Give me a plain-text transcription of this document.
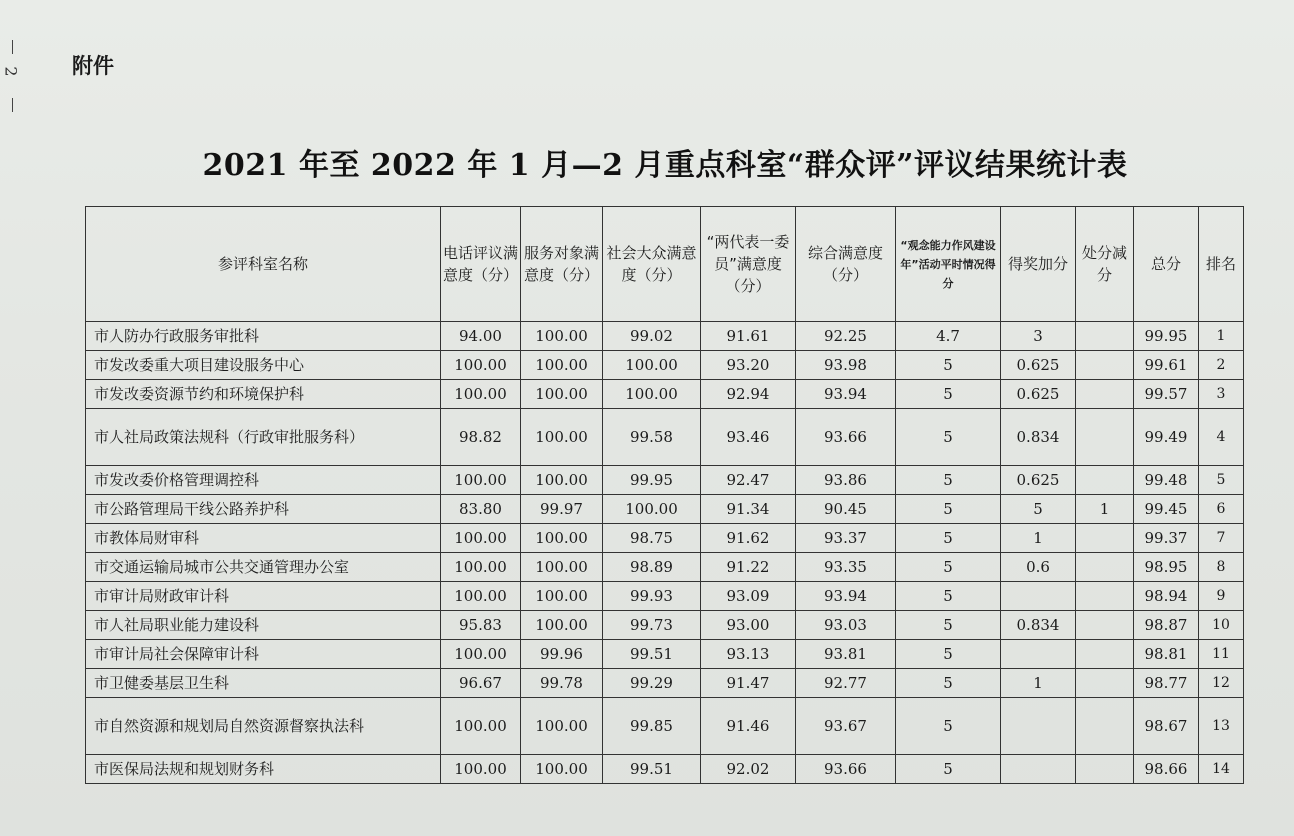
2 附件
2021 年至 2022 年 1 月—2 月重点科室“群众评”评议结果统计表
参评科室名称	电话评议满意度（分）	服务对象满意度（分）	社会大众满意度（分）	“两代表一委员”满意度（分）	综合满意度（分）	“观念能力作风建设年”活动平时情况得分	得奖加分	处分减分	总分	排名
市人防办行政服务审批科	94.00	100.00	99.02	91.61	92.25	4.7	3		99.95	1
市发改委重大项目建设服务中心	100.00	100.00	100.00	93.20	93.98	5	0.625		99.61	2
市发改委资源节约和环境保护科	100.00	100.00	100.00	92.94	93.94	5	0.625		99.57	3
市人社局政策法规科（行政审批服务科）	98.82	100.00	99.58	93.46	93.66	5	0.834		99.49	4
市发改委价格管理调控科	100.00	100.00	99.95	92.47	93.86	5	0.625		99.48	5
市公路管理局干线公路养护科	83.80	99.97	100.00	91.34	90.45	5	5	1	99.45	6
市教体局财审科	100.00	100.00	98.75	91.62	93.37	5	1		99.37	7
市交通运输局城市公共交通管理办公室	100.00	100.00	98.89	91.22	93.35	5	0.6		98.95	8
市审计局财政审计科	100.00	100.00	99.93	93.09	93.94	5			98.94	9
市人社局职业能力建设科	95.83	100.00	99.73	93.00	93.03	5	0.834		98.87	10
市审计局社会保障审计科	100.00	99.96	99.51	93.13	93.81	5			98.81	11
市卫健委基层卫生科	96.67	99.78	99.29	91.47	92.77	5	1		98.77	12
市自然资源和规划局自然资源督察执法科	100.00	100.00	99.85	91.46	93.67	5			98.67	13
市医保局法规和规划财务科	100.00	100.00	99.51	92.02	93.66	5			98.66	14
